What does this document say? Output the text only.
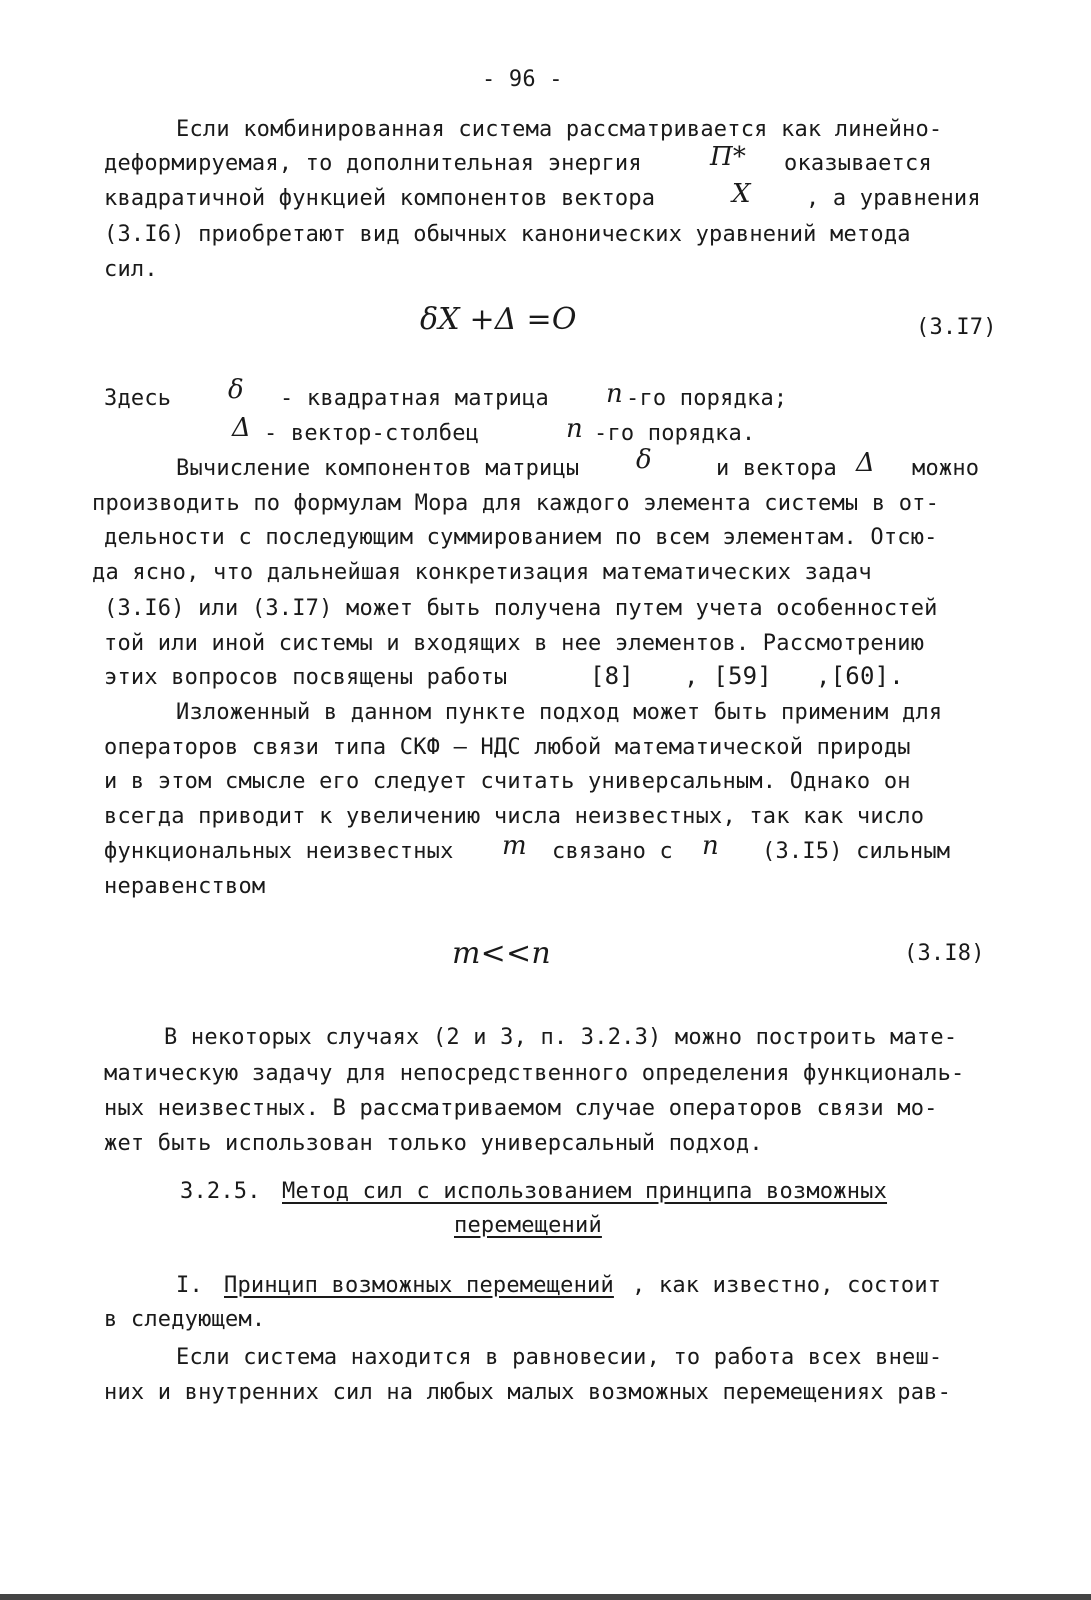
- 96 -
Если комбинированная система рассматривается как линейно-
деформируемая, то дополнительная энергия	Π* оказывается
квадратичной функцией компонентов вектора	X	, а уравнения
(3.I6) приобретают вид обычных канонических уравнений метода
сил.
δX +Δ =O	(3.I7)
Здесь δ - квадратная матрица n -го порядка;
Δ - вектор-столбец	n -го порядка.
Вычисление компонентов матрицы δ	и вектора Δ можно
производить по формулам Мора для каждого элемента системы в от-
дельности с последующим суммированием по всем элементам. Отсю-
да ясно, что дальнейшая конкретизация математических задач
(3.I6) или (3.I7) может быть получена путем учета особенностей
той или иной системы и входящих в нее элементов. Рассмотрению
этих вопросов посвящены работы	[8] , [59] ,[60].
Изложенный в данном пункте подход может быть применим для
операторов связи типа СКФ — НДС любой математической природы
и в этом смысле его следует считать универсальным. Однако он
всегда приводит к увеличению числа неизвестных, так как число
функциональных неизвестных m связано с n (3.I5) сильным
неравенством
m<<n	(3.I8)
В некоторых случаях (2 и 3, п. 3.2.3) можно построить мате-
матическую задачу для непосредственного определения функциональ-
ных неизвестных. В рассматриваемом случае операторов связи мо-
жет быть использован только универсальный подход.
3.2.5. Метод сил с использованием принципа возможных
перемещений
I. Принцип возможных перемещений , как известно, состоит
в следующем.
Если система находится в равновесии, то работа всех внеш-
них и внутренних сил на любых малых возможных перемещениях рав-
